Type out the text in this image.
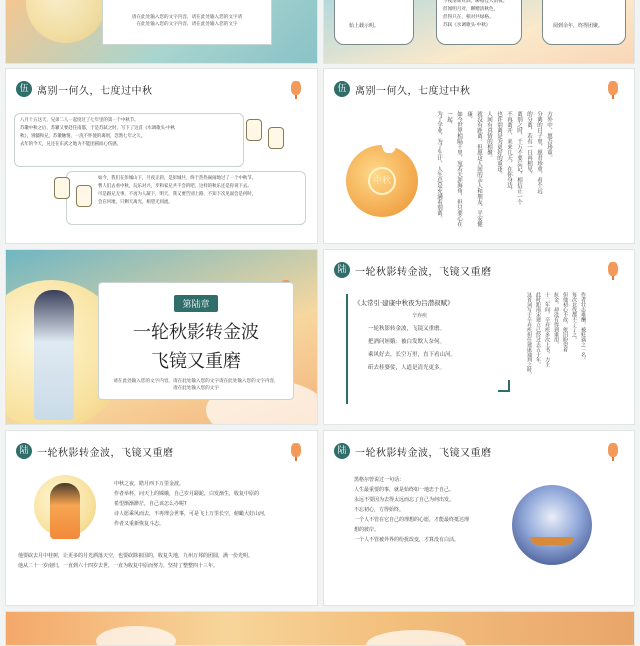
请在此处输入您的文字内容，请在此处输入您的文字请
在此处输入您的文字内容，请在此处输入您的文字	始上载示明。
今夜清辉对酒，聊赠佳人消夜。
但闻明月对，聊赠清秋色，
但得只在，相对共绿格。
苏轼《水调歌头·中秋》	阅到余年，终得团聚。
伍 离别一何久，七度过中秋
八月十五这天，兄弟二人一起度过了七年里的第一个中秋节。
苏辙中秋之后，苏辙又要赴任南都，于是苏轼之时，写下了这首《水调歌头·中秋
秋》，别疆和兄，苏辙触情，一洗不怀使的离别，忽然七年之久。
去年的今天，兄还在东武之地为不能团圆而心伤感。
如今，我们在彭城山下，月夜正斜，是彭城共，终于热热闹闹地过了一个中秋节。
曹人们去看中秋，玩乐对兴，步和家兄共不会的吧，这样的秋乐还是你说下去。
可是跟兄无事，不再为人凝下，明天，我又要告别上路，不知下次见面会是何时，
会在何地，只剩天离光，相望无同流。
伍 离别一何久，七度过中秋
中秋
方外中，愿吾珍重。
分离的日子里，愿君珍重，看个远
的分离，若有一日再相见，
离别之时，千万不要忘记，相信正一个
不再离开，来来几天，在你身边，
也许别离是为更好的重逢。
人间有真情的相聚。
就没有距离。但愿这人间的亲人和朋友，平安健康，
如今世界相隔千里，宛若天涯海角，但只要心在一起，
为了学业，为了生计，人生总是充满着别离。
第陆章
一轮秋影转金波
飞镜又重磨
请在此处输入您的文字内容，请在此处输入您的文字请在此处输入您的文字内容，请在此处输入您的文字
陆 一轮秋影转金波，飞镜又重磨
《太常引·建康中秋夜为吕潜叔赋》
辛弃疾
一轮秋影转金波，飞镜又重磨。
把酒问姮娥：被白发欺人奈何。
乘风好去，长空万里，直下看山河。
斫去桂婆娑，人道是清光更多。
作者壮志难酬，被贬谪之一名。
每次北伐都不了了之，
但他初心不改，依旧盼望着
抗金，却没有得到重用，
十二年间，辛弃疾多次上书，力主
此时距南宋建立已经过去五十年，
这首词写于辛弃疾担任建康通判之时，
陆 一轮秋影转金波，飞镜又重磨
中秋之夜，皓月西下万里金波。
作者举杯，问天上的嫦娥，自己岁月蹉跎，白发渐生，收复中原的
希望渐渐渺茫，自己该怎么办呢?
诗人愿乘风而去，不再理会世事，可是飞上万里长空，俯瞰大好山河，
作者又重新恢复斗志。
他要砍去月中桂树，让更多的月光洒落天空，也要砍除祖国的，收复失地，九州万邦的团圆，满一份光明。
他从二十一岁南归，一直到六十四岁去世，一直为收复中原而努力，坚持了整整四十三年。
陆 一轮秋影转金波，飞镜又重磨
黑格尔曾说过一句话：
人生最重要的事，就是始终如一地忠于自己。
永远不要因为去得太远而忘了自己为何出发。
不忘初心，方得始终。
一个人不管在它自己的理想的心愿，才能最终抵达理
想的彼岸。
一个人不管被外界的纷扰改变，才算没有白活。
